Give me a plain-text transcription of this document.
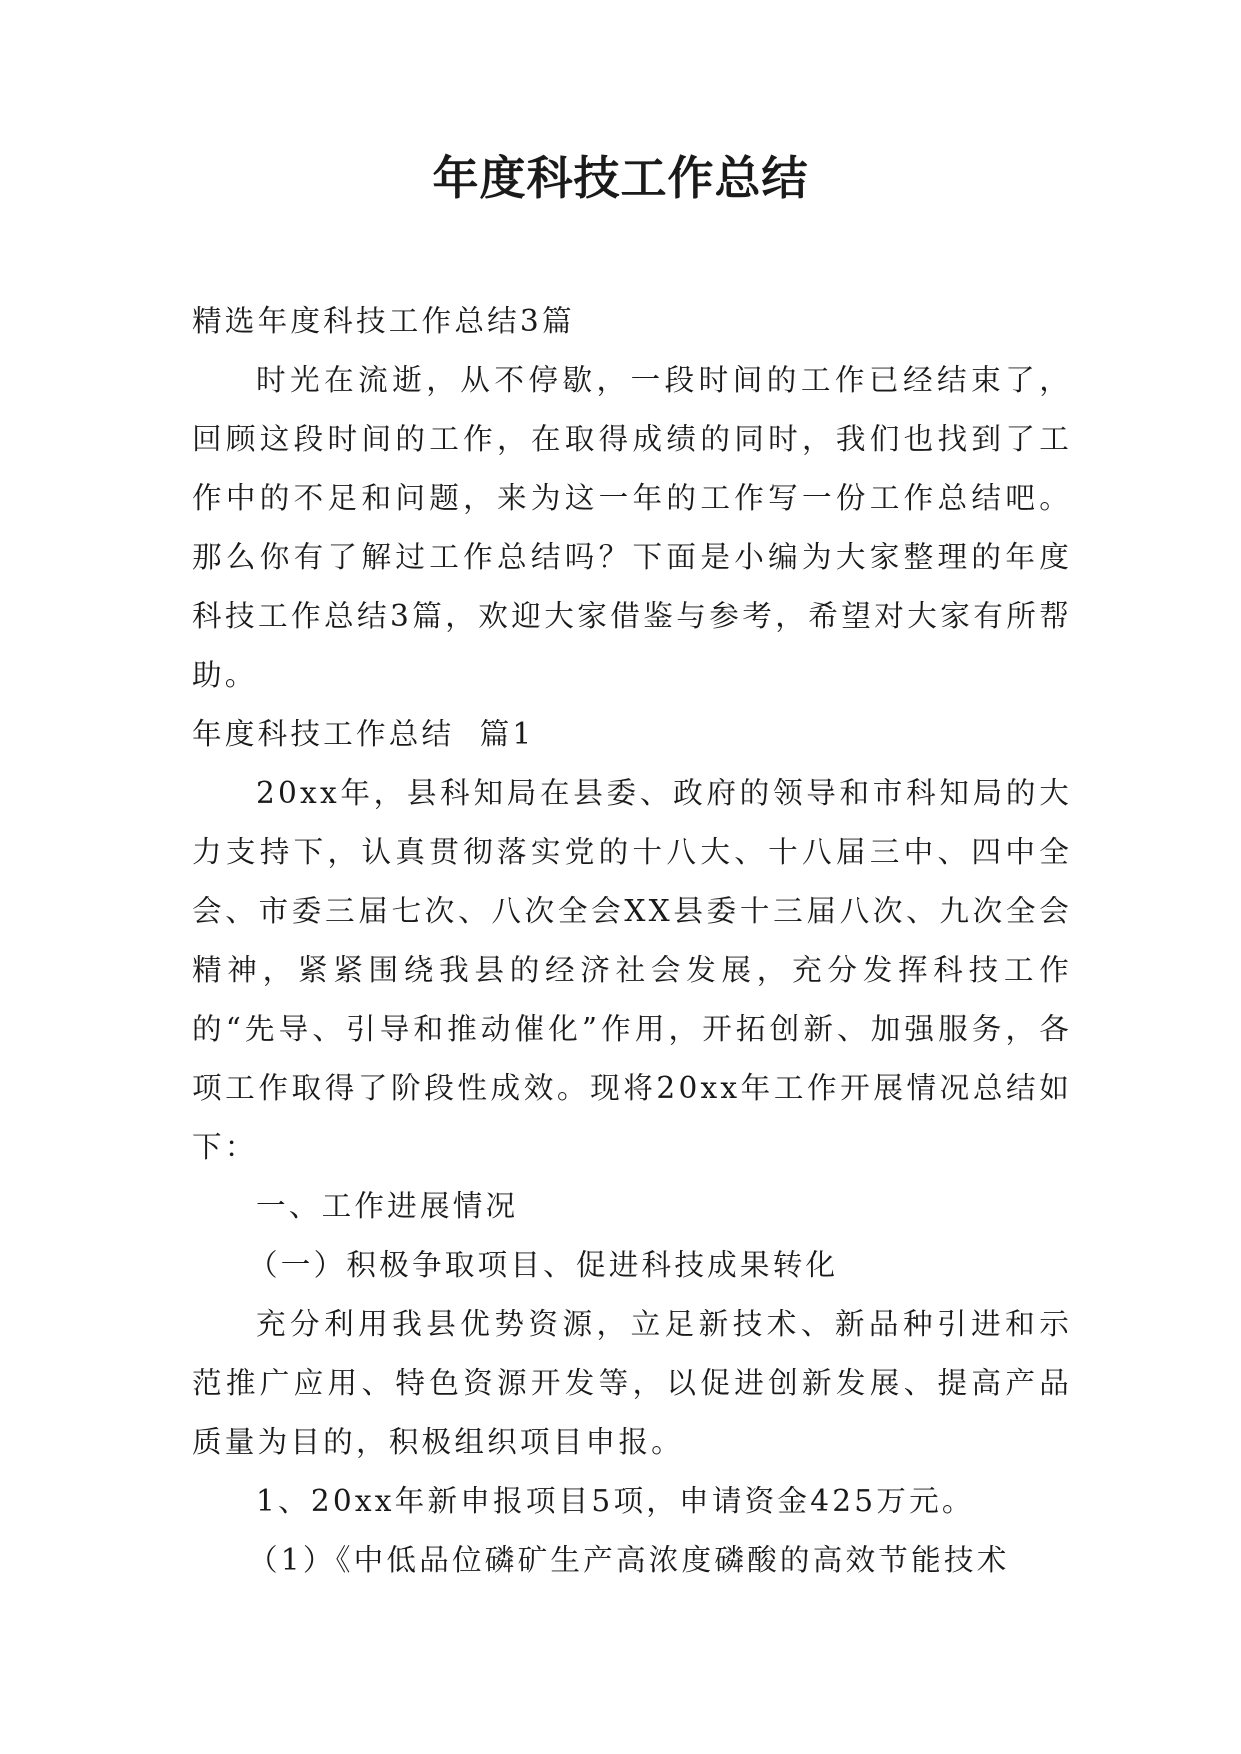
年度科技工作总结

精选年度科技工作总结3篇

时光在流逝，从不停歇，一段时间的工作已经结束了，回顾这段时间的工作，在取得成绩的同时，我们也找到了工作中的不足和问题，来为这一年的工作写一份工作总结吧。那么你有了解过工作总结吗？下面是小编为大家整理的年度科技工作总结3篇，欢迎大家借鉴与参考，希望对大家有所帮助。

年度科技工作总结  篇1

20xx年，县科知局在县委、政府的领导和市科知局的大力支持下，认真贯彻落实党的十八大、十八届三中、四中全会、市委三届七次、八次全会XX县委十三届八次、九次全会精神，紧紧围绕我县的经济社会发展，充分发挥科技工作的“先导、引导和推动催化”作用，开拓创新、加强服务，各项工作取得了阶段性成效。现将20xx年工作开展情况总结如下：

一、工作进展情况

（一）积极争取项目、促进科技成果转化

充分利用我县优势资源，立足新技术、新品种引进和示范推广应用、特色资源开发等，以促进创新发展、提高产品质量为目的，积极组织项目申报。

1、20xx年新申报项目5项，申请资金425万元。

（1）《中低品位磷矿生产高浓度磷酸的高效节能技术
